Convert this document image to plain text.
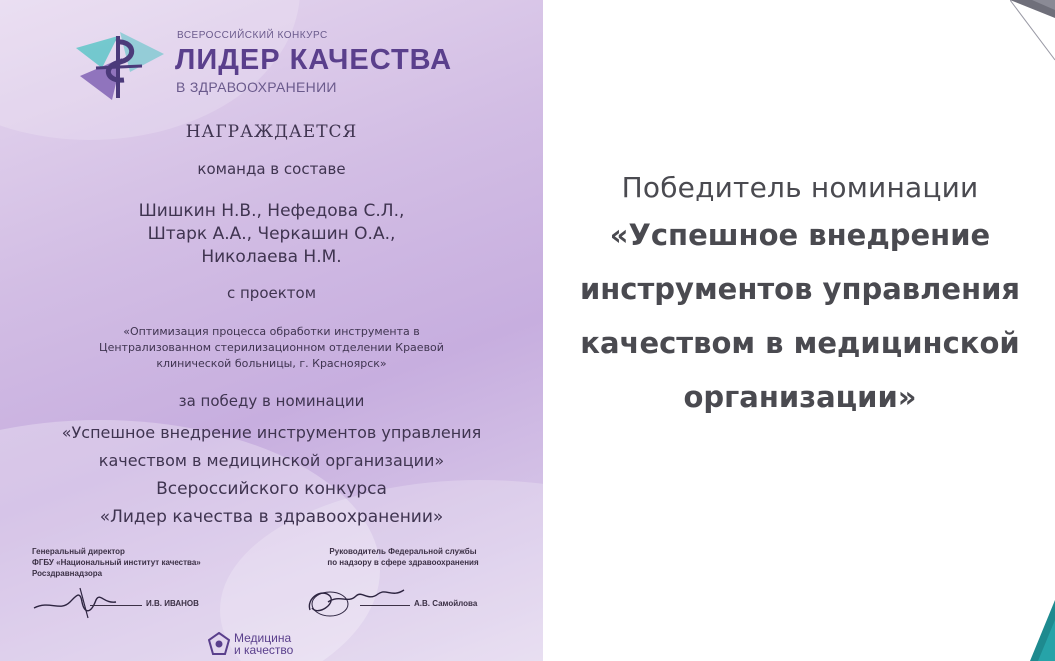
ВСЕРОССИЙСКИЙ КОНКУРС
ЛИДЕР КАЧЕСТВА
В ЗДРАВООХРАНЕНИИ
НАГРАЖДАЕТСЯ
команда в составе
Шишкин Н.В., Нефедова С.Л.,
Штарк А.А., Черкашин О.А.,
Николаева Н.М.
с проектом
«Оптимизация процесса обработки инструмента в
Централизованном стерилизационном отделении Краевой
клинической больницы, г. Красноярск»
за победу в номинации
«Успешное внедрение инструментов управления
качеством в медицинской организации»
Всероссийского конкурса
«Лидер качества в здравоохранении»
Генеральный директор
ФГБУ «Национальный институт качества»
Росздравнадзора
И.В. ИВАНОВ
Руководитель Федеральной службы
по надзору в сфере здравоохранения
А.В. Самойлова
Медицина
и качество
Победитель номинации
«Успешное внедрение
инструментов управления
качеством в медицинской
организации»
